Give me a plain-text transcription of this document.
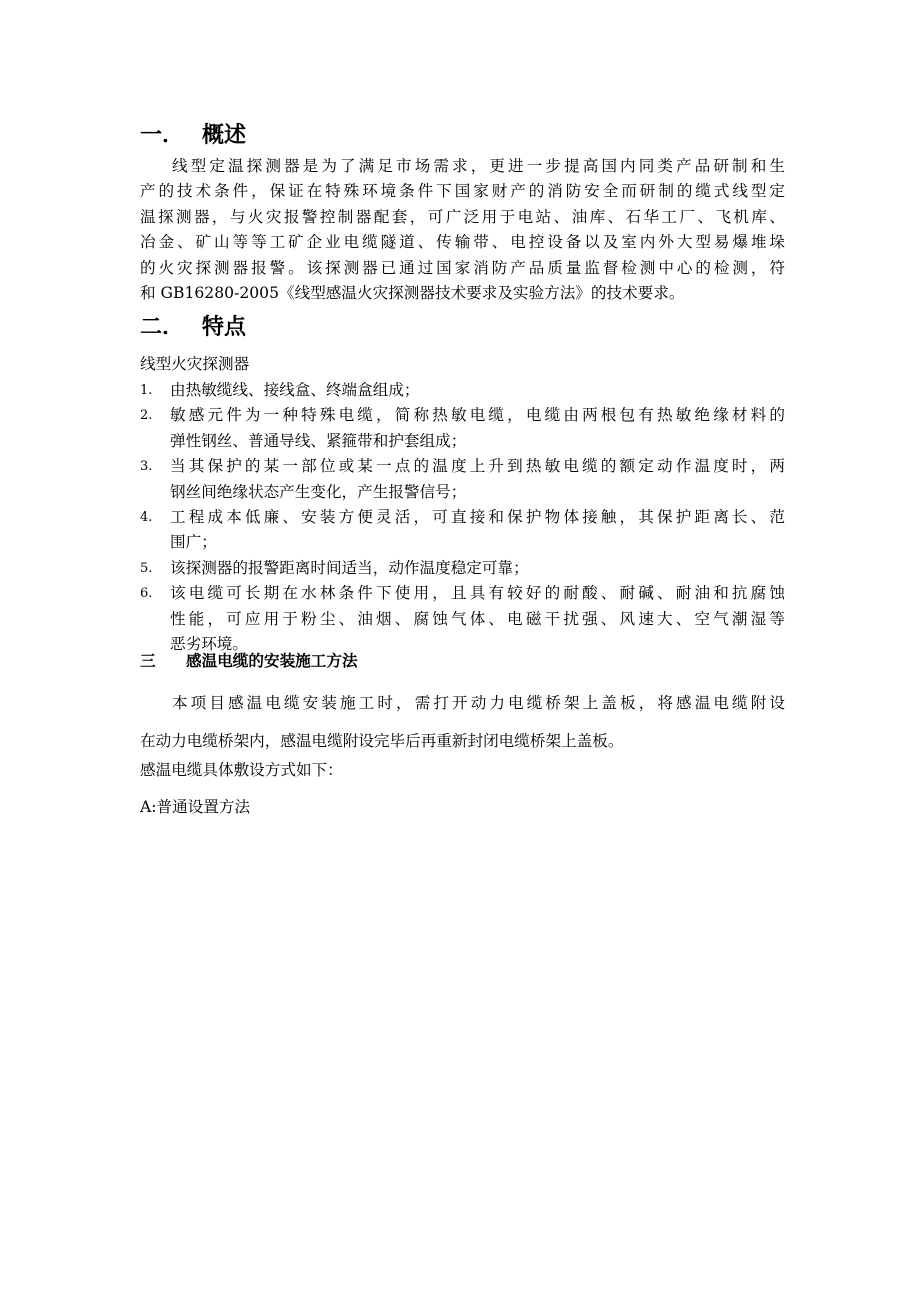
一． 概述
线型定温探测器是为了满足市场需求，更进一步提高国内同类产品研制和生
产的技术条件，保证在特殊环境条件下国家财产的消防安全而研制的缆式线型定
温探测器，与火灾报警控制器配套，可广泛用于电站、油库、石华工厂、飞机库、
冶金、矿山等等工矿企业电缆隧道、传输带、电控设备以及室内外大型易爆堆垛
的火灾探测器报警。该探测器已通过国家消防产品质量监督检测中心的检测，符
和 GB16280-2005《线型感温火灾探测器技术要求及实验方法》的技术要求。
二． 特点
线型火灾探测器
1. 由热敏缆线、接线盒、终端盒组成；
2. 敏感元件为一种特殊电缆，简称热敏电缆，电缆由两根包有热敏绝缘材料的
弹性钢丝、普通导线、紧箍带和护套组成；
3. 当其保护的某一部位或某一点的温度上升到热敏电缆的额定动作温度时，两
钢丝间绝缘状态产生变化，产生报警信号；
4. 工程成本低廉、安装方便灵活，可直接和保护物体接触，其保护距离长、范
围广；
5. 该探测器的报警距离时间适当，动作温度稳定可靠；
6. 该电缆可长期在水林条件下使用，且具有较好的耐酸、耐碱、耐油和抗腐蚀
性能，可应用于粉尘、油烟、腐蚀气体、电磁干扰强、风速大、空气潮湿等
恶劣环境。
三 感温电缆的安装施工方法
本项目感温电缆安装施工时，需打开动力电缆桥架上盖板，将感温电缆附设
在动力电缆桥架内，感温电缆附设完毕后再重新封闭电缆桥架上盖板。
感温电缆具体敷设方式如下：
A:普通设置方法
